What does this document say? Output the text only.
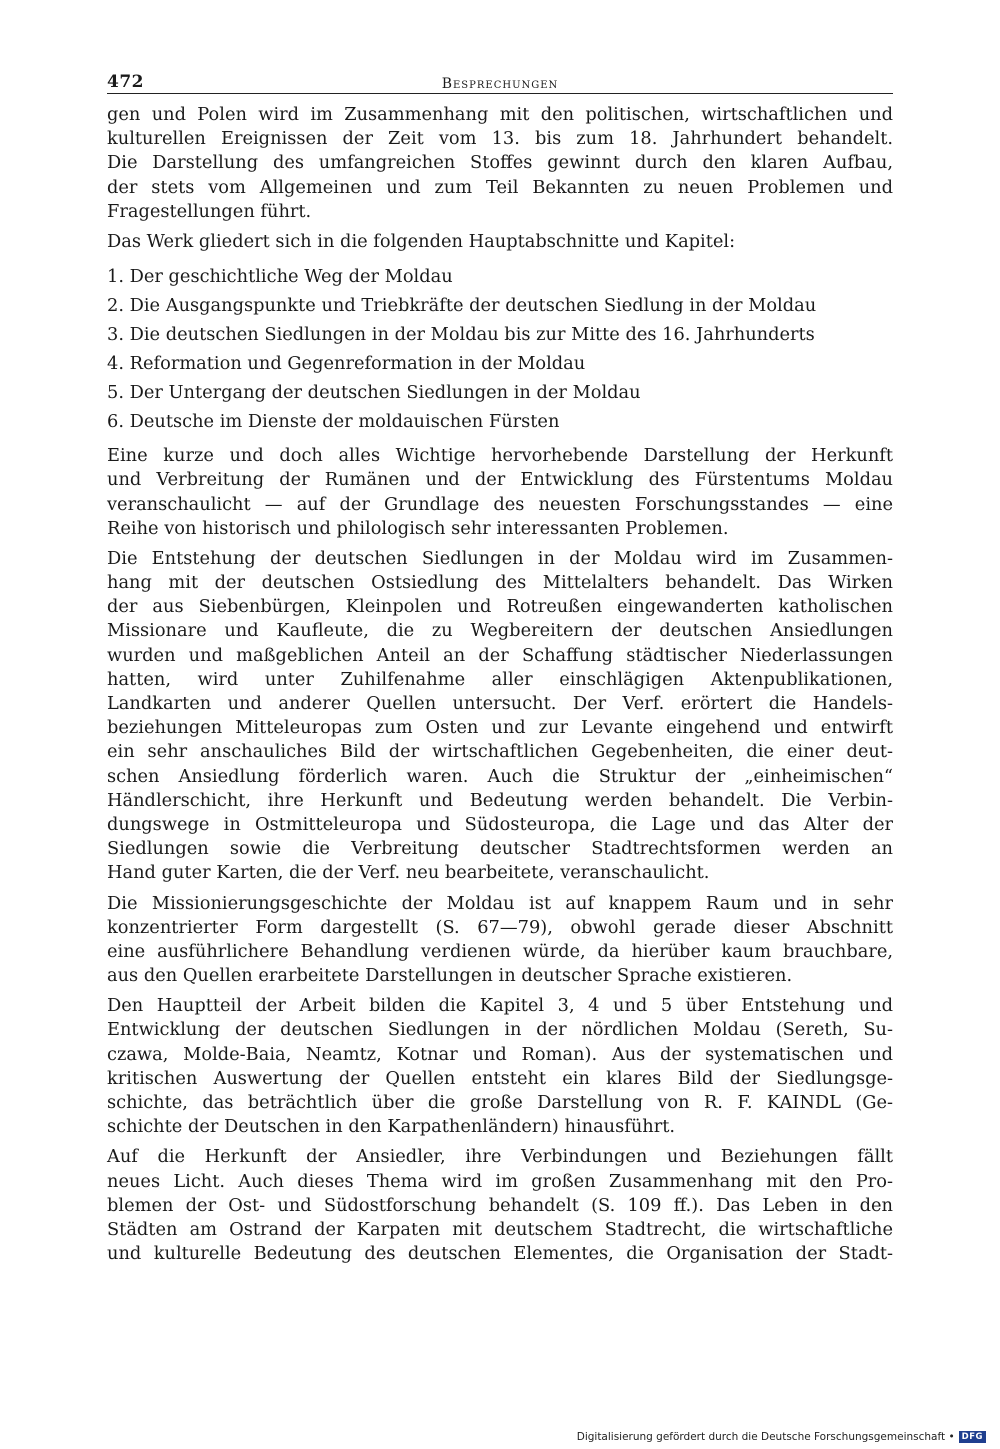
472	Besprechungen
gen und Polen wird im Zusammenhang mit den politischen, wirtschaftlichen und
kulturellen Ereignissen der Zeit vom 13. bis zum 18. Jahrhundert behandelt.
Die Darstellung des umfangreichen Stoffes gewinnt durch den klaren Aufbau,
der stets vom Allgemeinen und zum Teil Bekannten zu neuen Problemen und
Fragestellungen führt.
Das Werk gliedert sich in die folgenden Hauptabschnitte und Kapitel:
1. Der geschichtliche Weg der Moldau
2. Die Ausgangspunkte und Triebkräfte der deutschen Siedlung in der Moldau
3. Die deutschen Siedlungen in der Moldau bis zur Mitte des 16. Jahrhunderts
4. Reformation und Gegenreformation in der Moldau
5. Der Untergang der deutschen Siedlungen in der Moldau
6. Deutsche im Dienste der moldauischen Fürsten
Eine kurze und doch alles Wichtige hervorhebende Darstellung der Herkunft
und Verbreitung der Rumänen und der Entwicklung des Fürstentums Moldau
veranschaulicht — auf der Grundlage des neuesten Forschungsstandes — eine
Reihe von historisch und philologisch sehr interessanten Problemen.
Die Entstehung der deutschen Siedlungen in der Moldau wird im Zusammen-
hang mit der deutschen Ostsiedlung des Mittelalters behandelt. Das Wirken
der aus Siebenbürgen, Kleinpolen und Rotreußen eingewanderten katholischen
Missionare und Kaufleute, die zu Wegbereitern der deutschen Ansiedlungen
wurden und maßgeblichen Anteil an der Schaffung städtischer Niederlassungen
hatten, wird unter Zuhilfenahme aller einschlägigen Aktenpublikationen,
Landkarten und anderer Quellen untersucht. Der Verf. erörtert die Handels-
beziehungen Mitteleuropas zum Osten und zur Levante eingehend und entwirft
ein sehr anschauliches Bild der wirtschaftlichen Gegebenheiten, die einer deut-
schen Ansiedlung förderlich waren. Auch die Struktur der „einheimischen“
Händlerschicht, ihre Herkunft und Bedeutung werden behandelt. Die Verbin-
dungswege in Ostmitteleuropa und Südosteuropa, die Lage und das Alter der
Siedlungen sowie die Verbreitung deutscher Stadtrechtsformen werden an
Hand guter Karten, die der Verf. neu bearbeitete, veranschaulicht.
Die Missionierungsgeschichte der Moldau ist auf knappem Raum und in sehr
konzentrierter Form dargestellt (S. 67—79), obwohl gerade dieser Abschnitt
eine ausführlichere Behandlung verdienen würde, da hierüber kaum brauchbare,
aus den Quellen erarbeitete Darstellungen in deutscher Sprache existieren.
Den Hauptteil der Arbeit bilden die Kapitel 3, 4 und 5 über Entstehung und
Entwicklung der deutschen Siedlungen in der nördlichen Moldau (Sereth, Su-
czawa, Molde-Baia, Neamtz, Kotnar und Roman). Aus der systematischen und
kritischen Auswertung der Quellen entsteht ein klares Bild der Siedlungsge-
schichte, das beträchtlich über die große Darstellung von R. F. KAINDL (Ge-
schichte der Deutschen in den Karpathenländern) hinausführt.
Auf die Herkunft der Ansiedler, ihre Verbindungen und Beziehungen fällt
neues Licht. Auch dieses Thema wird im großen Zusammenhang mit den Pro-
blemen der Ost- und Südostforschung behandelt (S. 109 ff.). Das Leben in den
Städten am Ostrand der Karpaten mit deutschem Stadtrecht, die wirtschaftliche
und kulturelle Bedeutung des deutschen Elementes, die Organisation der Stadt-
Digitalisierung gefördert durch die Deutsche Forschungsgemeinschaft • DFG
